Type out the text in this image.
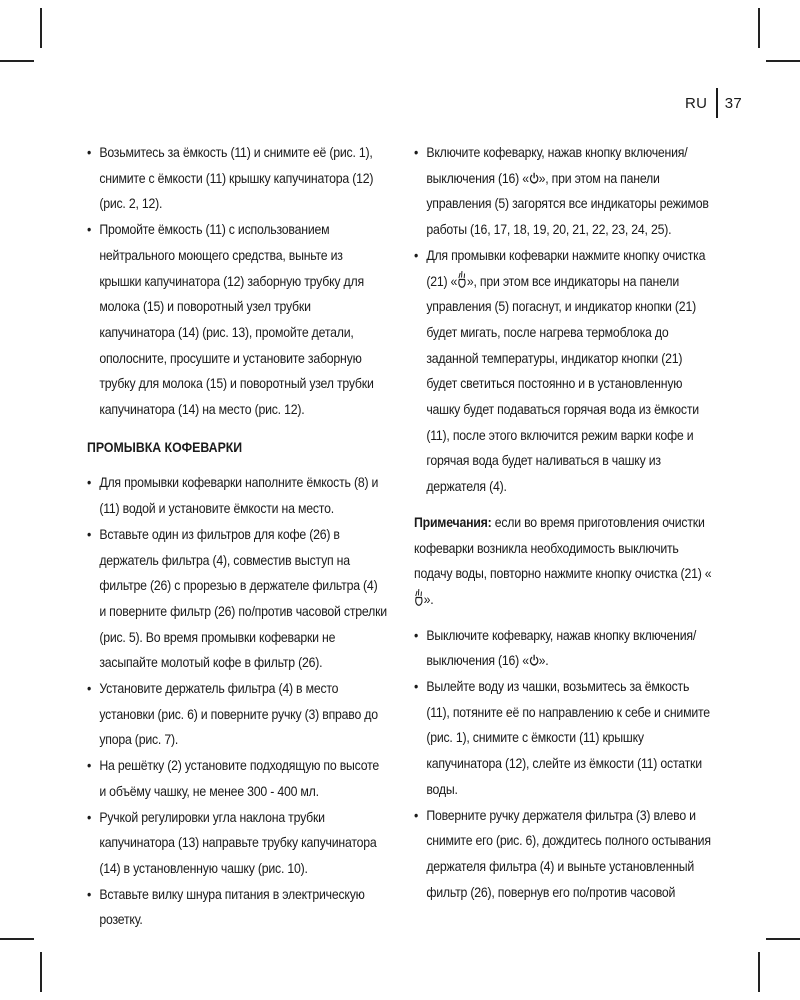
RU 37
• Возьмитесь за ёмкость (11) и снимите её (рис. 1), снимите с ёмкости (11) крышку капучинатора (12) (рис. 2, 12).
• Промойте ёмкость (11) с использованием нейтрального моющего средства, выньте из крышки капучинатора (12) заборную трубку для молока (15) и поворотный узел трубки капучинатора (14) (рис. 13), промойте детали, ополосните, просушите и установите заборную трубку для молока (15) и поворотный узел трубки капучинатора (14) на место (рис. 12).
ПРОМЫВКА КОФЕВАРКИ
• Для промывки кофеварки наполните ёмкость (8) и (11) водой и установите ёмкости на место.
• Вставьте один из фильтров для кофе (26) в держатель фильтра (4), совместив выступ на фильтре (26) с прорезью в держателе фильтра (4) и поверните фильтр (26) по/против часовой стрелки (рис. 5). Во время промывки кофеварки не засыпайте молотый кофе в фильтр (26).
• Установите держатель фильтра (4) в место установки (рис. 6) и поверните ручку (3) вправо до упора (рис. 7).
• На решётку (2) установите подходящую по высоте и объёму чашку, не менее 300 - 400 мл.
• Ручкой регулировки угла наклона трубки капучинатора (13) направьте трубку капучинатора (14) в установленную чашку (рис. 10).
• Вставьте вилку шнура питания в электрическую розетку.
• Включите кофеварку, нажав кнопку включения/выключения (16) « », при этом на панели управления (5) загорятся все индикаторы режимов работы (16, 17, 18, 19, 20, 21, 22, 23, 24, 25).
• Для промывки кофеварки нажмите кнопку очистка (21) « », при этом все индикаторы на панели управления (5) погаснут, и индикатор кнопки (21) будет мигать, после нагрева термоблока до заданной температуры, индикатор кнопки (21) будет светиться постоянно и в установленную чашку будет подаваться горячая вода из ёмкости (11), после этого включится режим варки кофе и горячая вода будет наливаться в чашку из держателя (4).

Примечания: если во время приготовления очистки кофеварки возникла необходимость выключить подачу воды, повторно нажмите кнопку очистка (21) «
».

• Выключите кофеварку, нажав кнопку включения/выключения (16) « ».
• Вылейте воду из чашки, возьмитесь за ёмкость (11), потяните её по направлению к себе и снимите (рис. 1), снимите с ёмкости (11) крышку капучинатора (12), слейте из ёмкости (11) остатки воды.
• Поверните ручку держателя фильтра (3) влево и снимите его (рис. 6), дождитесь полного остывания держателя фильтра (4) и выньте установленный фильтр (26), повернув его по/против часовой
